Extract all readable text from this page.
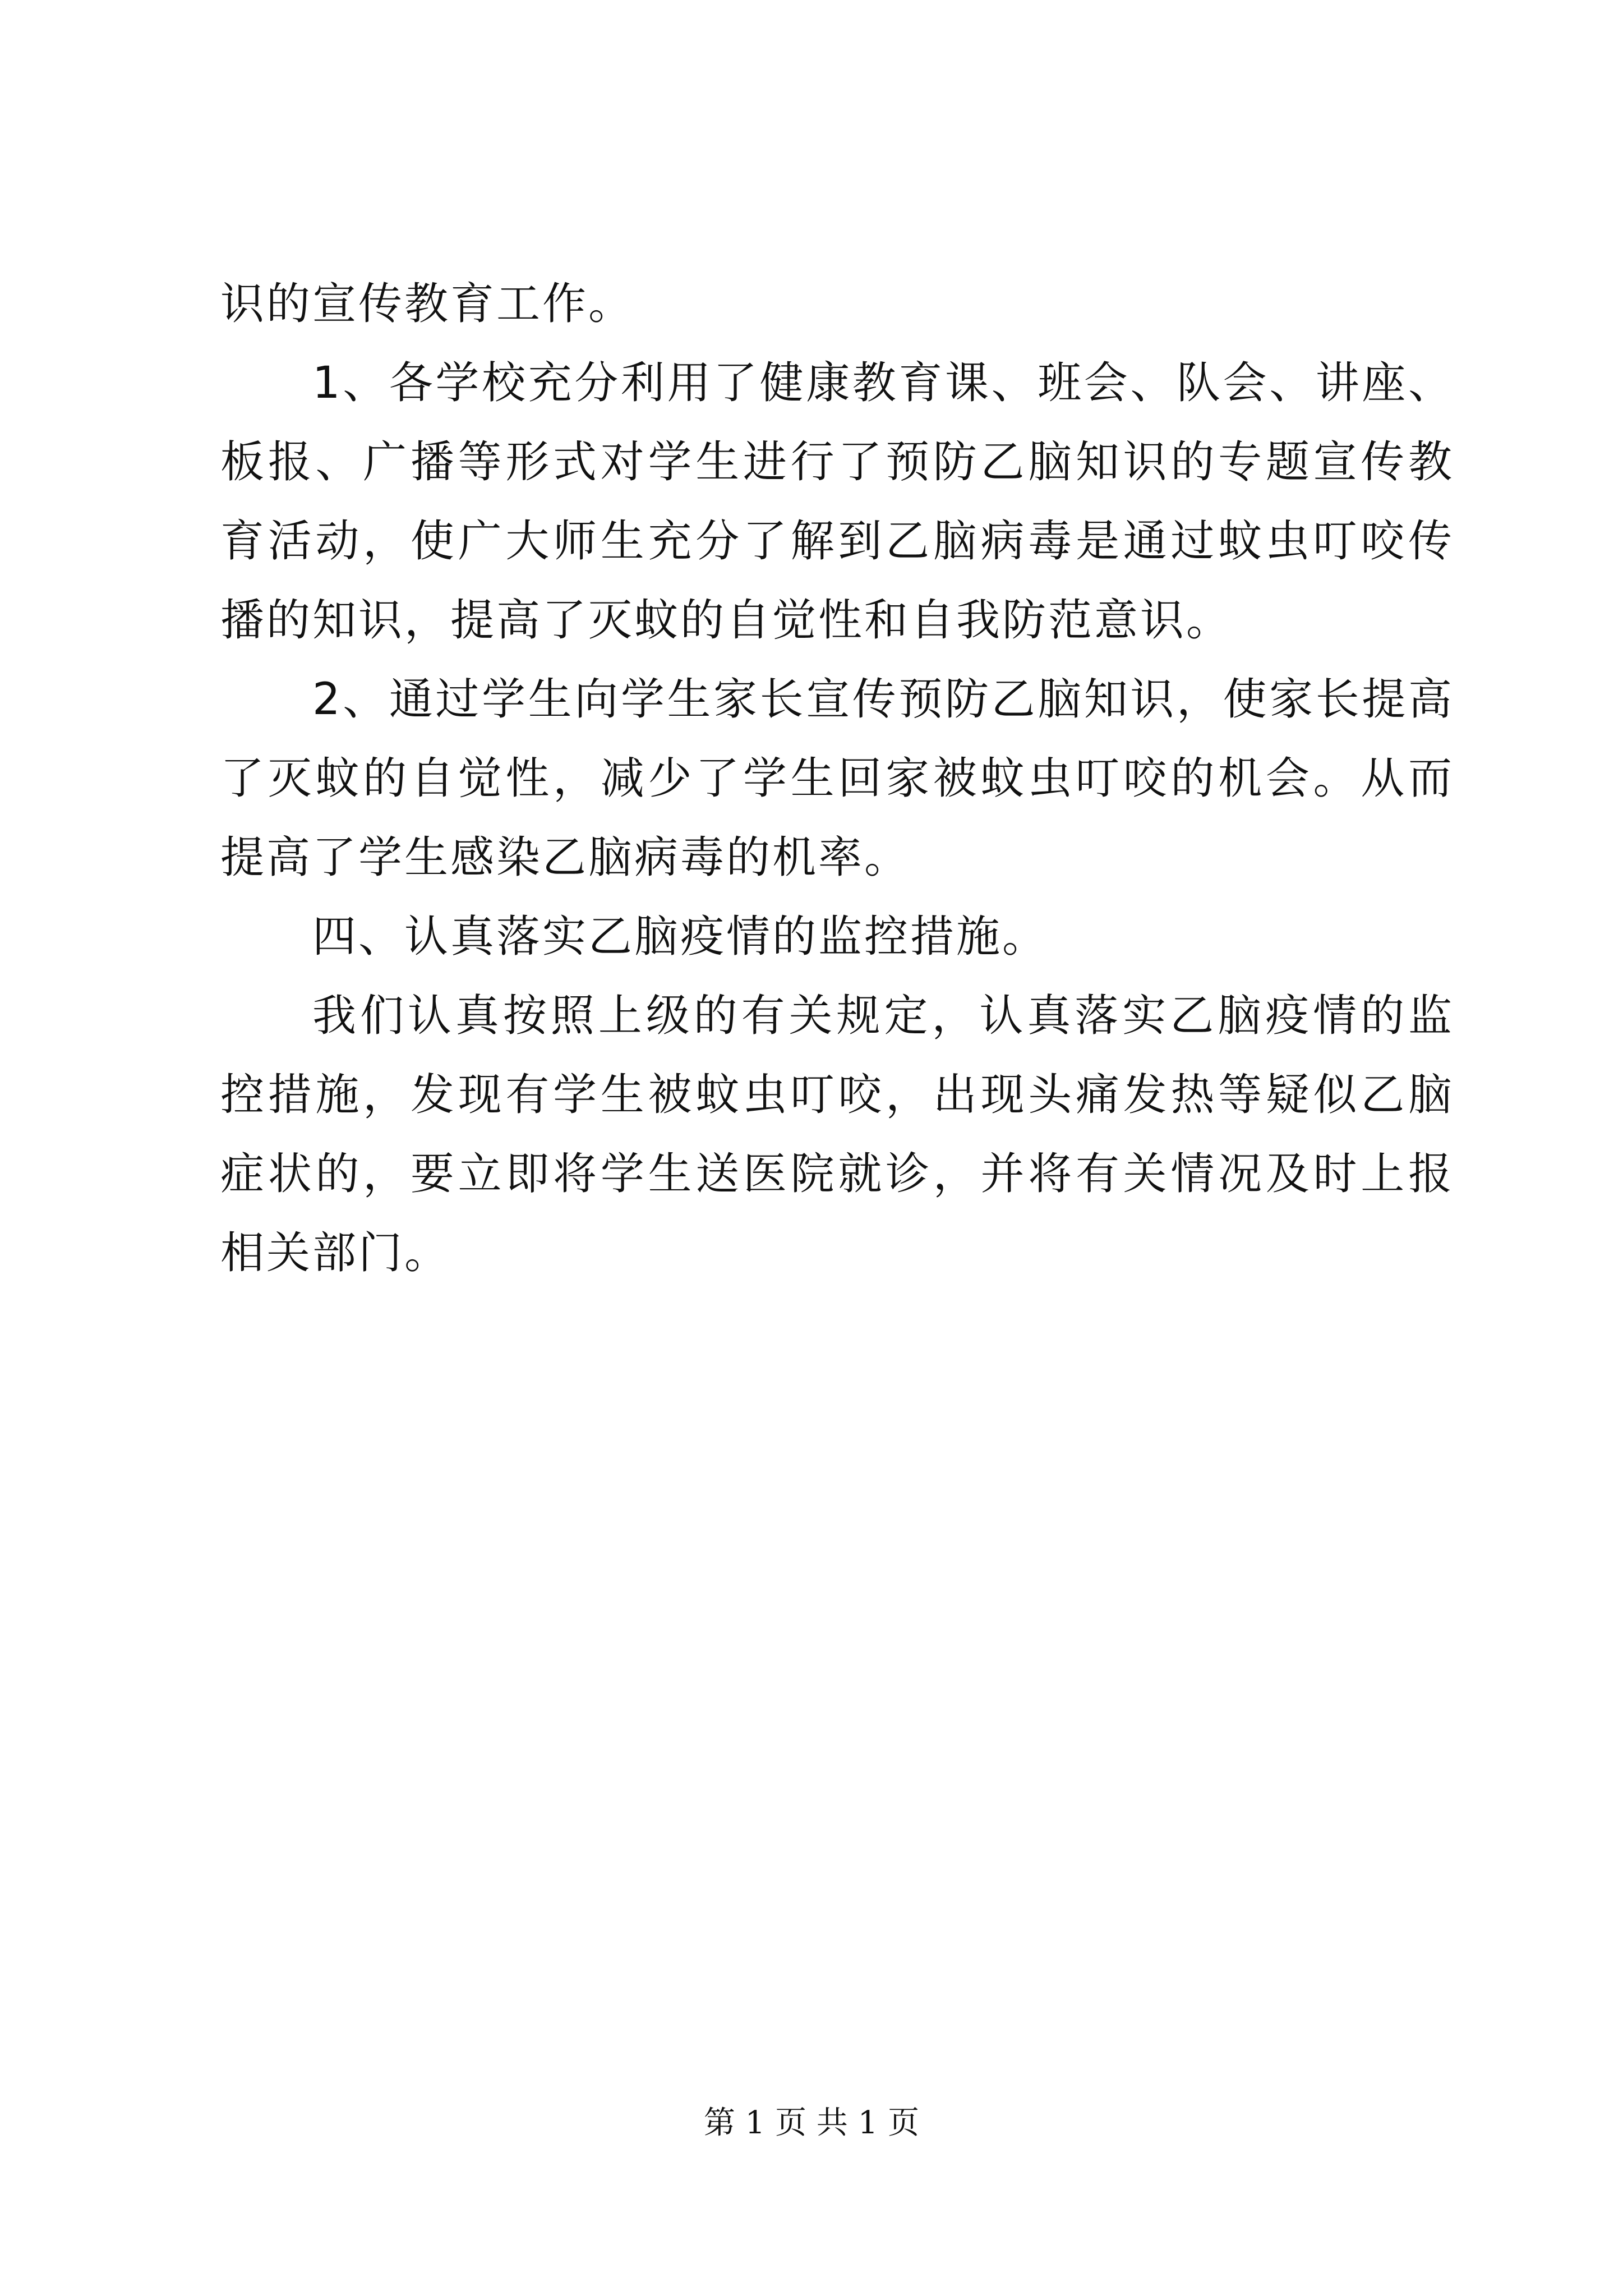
识的宣传教育工作。

1、各学校充分利用了健康教育课、班会、队会、讲座、板报、广播等形式对学生进行了预防乙脑知识的专题宣传教育活动，使广大师生充分了解到乙脑病毒是通过蚊虫叮咬传播的知识，提高了灭蚊的自觉性和自我防范意识。

2、通过学生向学生家长宣传预防乙脑知识，使家长提高了灭蚊的自觉性，减少了学生回家被蚊虫叮咬的机会。从而提高了学生感染乙脑病毒的机率。

四、认真落实乙脑疫情的监控措施。

我们认真按照上级的有关规定，认真落实乙脑疫情的监控措施，发现有学生被蚊虫叮咬，出现头痛发热等疑似乙脑症状的，要立即将学生送医院就诊，并将有关情况及时上报相关部门。

第 1 页 共 1 页
